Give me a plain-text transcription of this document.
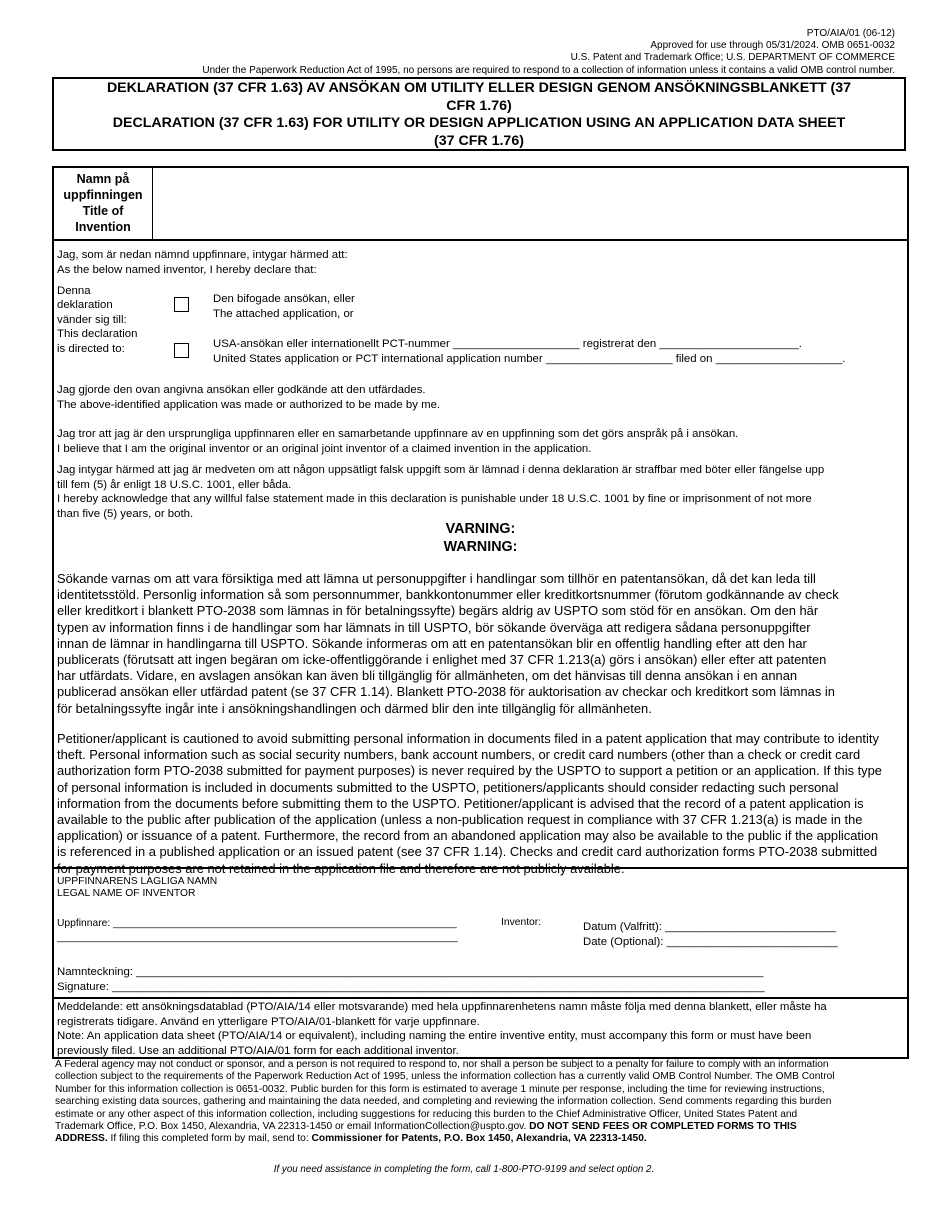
PTO/AIA/01 (06-12)
Approved for use through 05/31/2024. OMB 0651-0032
U.S. Patent and Trademark Office; U.S. DEPARTMENT OF COMMERCE
Under the Paperwork Reduction Act of 1995, no persons are required to respond to a collection of information unless it contains a valid OMB control number.
DEKLARATION (37 CFR 1.63) AV ANSÖKAN OM UTILITY ELLER DESIGN GENOM ANSÖKNINGSBLANKETT (37
CFR 1.76)
DECLARATION (37 CFR 1.63) FOR UTILITY OR DESIGN APPLICATION USING AN APPLICATION DATA SHEET
(37 CFR 1.76)
Namn på
uppfinningen
Title of
Invention
Jag, som är nedan nämnd uppfinnare, intygar härmed att:
As the below named inventor, I hereby declare that:
Denna
deklaration
vänder sig till:
This declaration
is directed to:
Den bifogade ansökan, eller
The attached application, or
USA-ansökan eller internationellt PCT-nummer ____________________ registrerat den ______________________.
United States application or PCT international application number ____________________ filed on ____________________.
Jag gjorde den ovan angivna ansökan eller godkände att den utfärdades.
The above-identified application was made or authorized to be made by me.
Jag tror att jag är den ursprungliga uppfinnaren eller en samarbetande uppfinnare av en uppfinning som det görs anspråk på i ansökan.
I believe that I am the original inventor or an original joint inventor of a claimed invention in the application.
Jag intygar härmed att jag är medveten om att någon uppsätligt falsk uppgift som är lämnad i denna deklaration är straffbar med böter eller fängelse upp
till fem (5) år enligt 18 U.S.C. 1001, eller båda.
I hereby acknowledge that any willful false statement made in this declaration is punishable under 18 U.S.C. 1001 by fine or imprisonment of not more
than five (5) years, or both.
VARNING:
WARNING:
Sökande varnas om att vara försiktiga med att lämna ut personuppgifter i handlingar som tillhör en patentansökan, då det kan leda till
identitetsstöld. Personlig information så som personnummer, bankkontonummer eller kreditkortsnummer (förutom godkännande av check
eller kreditkort i blankett PTO-2038 som lämnas in för betalningssyfte) begärs aldrig av USPTO som stöd för en ansökan. Om den här
typen av information finns i de handlingar som har lämnats in till USPTO, bör sökande överväga att redigera sådana personuppgifter
innan de lämnar in handlingarna till USPTO. Sökande informeras om att en patentansökan blir en offentlig handling efter att den har
publicerats (förutsatt att ingen begäran om icke-offentliggörande i enlighet med 37 CFR 1.213(a) görs i ansökan) eller efter att patenten
har utfärdats. Vidare, en avslagen ansökan kan även bli tillgänglig för allmänheten, om det hänvisas till denna ansökan i en annan
publicerad ansökan eller utfärdad patent (se 37 CFR 1.14). Blankett PTO-2038 för auktorisation av checkar och kreditkort som lämnas in
för betalningssyfte ingår inte i ansökningshandlingen och därmed blir den inte tillgänglig för allmänheten.
Petitioner/applicant is cautioned to avoid submitting personal information in documents filed in a patent application that may contribute to identity
theft. Personal information such as social security numbers, bank account numbers, or credit card numbers (other than a check or credit card
authorization form PTO-2038 submitted for payment purposes) is never required by the USPTO to support a petition or an application. If this type
of personal information is included in documents submitted to the USPTO, petitioners/applicants should consider redacting such personal
information from the documents before submitting them to the USPTO. Petitioner/applicant is advised that the record of a patent application is
available to the public after publication of the application (unless a non-publication request in compliance with 37 CFR 1.213(a) is made in the
application) or issuance of a patent. Furthermore, the record from an abandoned application may also be available to the public if the application
is referenced in a published application or an issued patent (see 37 CFR 1.14). Checks and credit card authorization forms PTO-2038 submitted
UPPFINNARENS LAGLIGA NAMN
LEGAL NAME OF INVENTOR
Uppfinnare: ____________________________________________________________
______________________________________________________________________
Inventor:	Datum (Valfritt): ___________________________
Date (Optional): ___________________________
Namnteckning: ___________________________________________________________________________________________________
Signature: _______________________________________________________________________________________________________
Meddelande: ett ansökningsdatablad (PTO/AIA/14 eller motsvarande) med hela uppfinnarenhetens namn måste följa med denna blankett, eller måste ha
registrerats tidigare. Använd en ytterligare PTO/AIA/01-blankett för varje uppfinnare.
Note: An application data sheet (PTO/AIA/14 or equivalent), including naming the entire inventive entity, must accompany this form or must have been
previously filed. Use an additional PTO/AIA/01 form for each additional inventor.
A Federal agency may not conduct or sponsor, and a person is not required to respond to, nor shall a person be subject to a penalty for failure to comply with an information
collection subject to the requirements of the Paperwork Reduction Act of 1995, unless the information collection has a currently valid OMB Control Number. The OMB Control
Number for this information collection is 0651-0032. Public burden for this form is estimated to average 1 minute per response, including the time for reviewing instructions,
searching existing data sources, gathering and maintaining the data needed, and completing and reviewing the information collection. Send comments regarding this burden
estimate or any other aspect of this information collection, including suggestions for reducing this burden to the Chief Administrative Officer, United States Patent and
Trademark Office, P.O. Box 1450, Alexandria, VA 22313-1450 or email InformationCollection@uspto.gov. DO NOT SEND FEES OR COMPLETED FORMS TO THIS
ADDRESS. If filing this completed form by mail, send to: Commissioner for Patents, P.O. Box 1450, Alexandria, VA 22313-1450.
If you need assistance in completing the form, call 1-800-PTO-9199 and select option 2.
